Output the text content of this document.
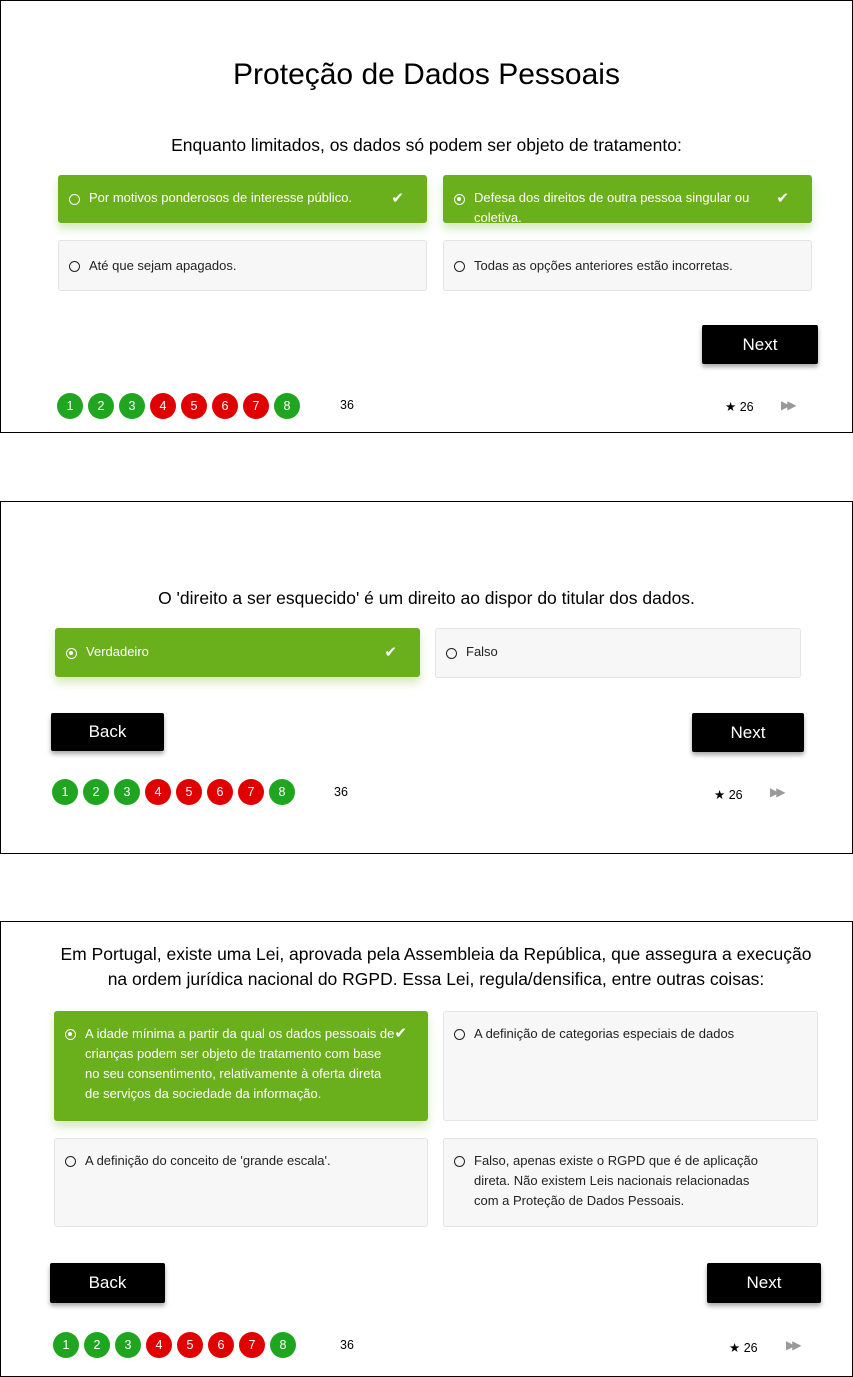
Proteção de Dados Pessoais
Enquanto limitados, os dados só podem ser objeto de tratamento:
Por motivos ponderosos de interesse público.	✔	Defesa dos direitos de outra pessoa singular ou coletiva.
✔
Até que sejam apagados.	Todas as opções anteriores estão incorretas.
Next
1	2	3	4	5	6	7	8	36	★ 26 ▶▶
O 'direito a ser esquecido' é um direito ao dispor do titular dos dados.
Verdadeiro	✔	Falso
Back	Next
1	2	3	4	5	6	7	8	36	★ 26 ▶▶
Em Portugal, existe uma Lei, aprovada pela Assembleia da República, que assegura a execução na ordem jurídica nacional do RGPD. Essa Lei, regula/densifica, entre outras coisas:
A idade mínima a partir da qual os dados pessoais de crianças podem ser objeto de tratamento com base no seu consentimento, relativamente à oferta direta de serviços da sociedade da informação.
✔	A definição de categorias especiais de dados
A definição do conceito de 'grande escala'.	Falso, apenas existe o RGPD que é de aplicação direta. Não existem Leis nacionais relacionadas com a Proteção de Dados Pessoais.
Back	Next
1	2	3	4	5	6	7	8	36	★ 26 ▶▶
